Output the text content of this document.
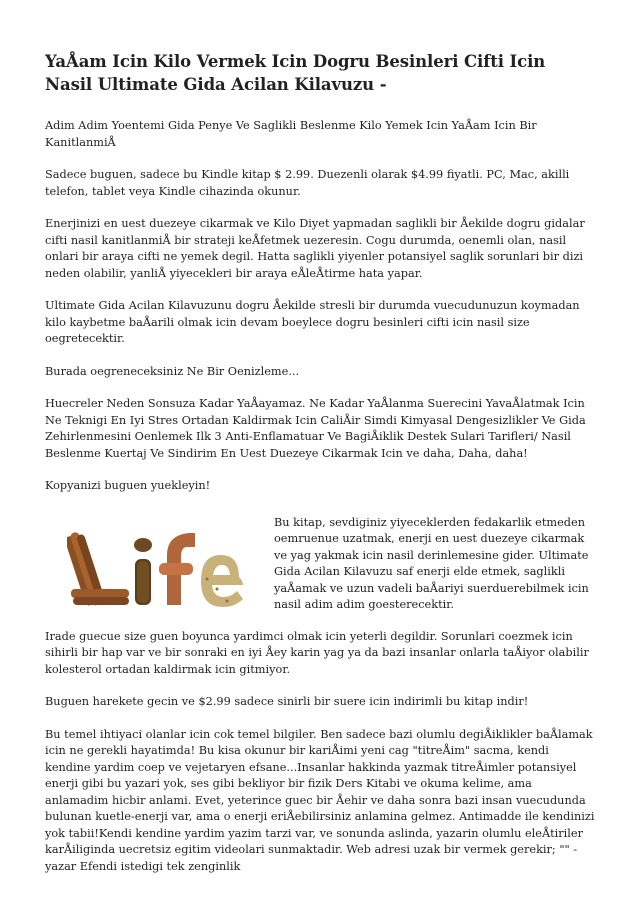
YaÅam Icin Kilo Vermek Icin Dogru Besinleri Cifti Icin Nasil Ultimate Gida Acilan Kilavuzu -

Adim Adim Yoentemi Gida Penye Ve Saglikli Beslenme Kilo Yemek Icin YaÅam Icin Bir KanitlanmiÅ

Sadece buguen, sadece bu Kindle kitap $ 2.99. Duezenli olarak $4.99 fiyatli. PC, Mac, akilli telefon, tablet veya Kindle cihazinda okunur.

Enerjinizi en uest duezeye cikarmak ve Kilo Diyet yapmadan saglikli bir Åekilde dogru gidalar cifti nasil kanitlanmiÅ bir strateji keÅfetmek uezeresin. Cogu durumda, oenemli olan, nasil onlari bir araya cifti ne yemek degil. Hatta saglikli yiyenler potansiyel saglik sorunlari bir dizi neden olabilir, yanliÅ yiyecekleri bir araya eÅleÅtirme hata yapar.

Ultimate Gida Acilan Kilavuzunu dogru Åekilde stresli bir durumda vuecudunuzun koymadan kilo kaybetme baÅarili olmak icin devam boeylece dogru besinleri cifti icin nasil size oegretecektir.

Burada oegreneceksiniz Ne Bir Oenizleme...

Huecreler Neden Sonsuza Kadar YaÅayamaz. Ne Kadar YaÅlanma Suerecini YavaÅlatmak Icin Ne Teknigi En Iyi Stres Ortadan Kaldirmak Icin CaliÅir Simdi Kimyasal Dengesizlikler Ve Gida Zehirlenmesini Oenlemek Ilk 3 Anti-Enflamatuar Ve BagiÅiklik Destek Sulari Tarifleri/ Nasil Beslenme Kuertaj Ve Sindirim En Uest Duezeye Cikarmak Icin ve daha, Daha, daha!

Kopyanizi buguen yuekleyin!

Bu kitap, sevdiginiz yiyeceklerden fedakarlik etmeden oemruenue uzatmak, enerji en uest duezeye cikarmak ve yag yakmak icin nasil derinlemesine gider. Ultimate Gida Acilan Kilavuzu saf enerji elde etmek, saglikli yaÅamak ve uzun vadeli baÅariyi suerduerebilmek icin nasil adim adim goesterecektir.

Irade guecue size guen boyunca yardimci olmak icin yeterli degildir. Sorunlari coezmek icin sihirli bir hap var ve bir sonraki en iyi Åey karin yag ya da bazi insanlar onlarla taÅiyor olabilir kolesterol ortadan kaldirmak icin gitmiyor.

Buguen harekete gecin ve $2.99 sadece sinirli bir suere icin indirimli bu kitap indir!

Bu temel ihtiyaci olanlar icin cok temel bilgiler. Ben sadece bazi olumlu degiÅiklikler baÅlamak icin ne gerekli hayatimda! Bu kisa okunur bir kariÅimi yeni cag "titreÅim" sacma, kendi kendine yardim coep ve vejetaryen efsane...Insanlar hakkinda yazmak titreÅimler potansiyel enerji gibi bu yazari yok, ses gibi bekliyor bir fizik Ders Kitabi ve okuma kelime, ama anlamadim hicbir anlami. Evet, yeterince guec bir Åehir ve daha sonra bazi insan vuecudunda bulunan kuetle-enerji var, ama o enerji eriÅebilirsiniz anlamina gelmez. Antimadde ile kendinizi yok tabii!Kendi kendine yardim yazim tarzi var, ve sonunda aslinda, yazarin olumlu eleÅtiriler karÅiliginda uecretsiz egitim videolari sunmaktadir. Web adresi uzak bir vermek gerekir; "" - yazar Efendi istedigi tek zenginlik
